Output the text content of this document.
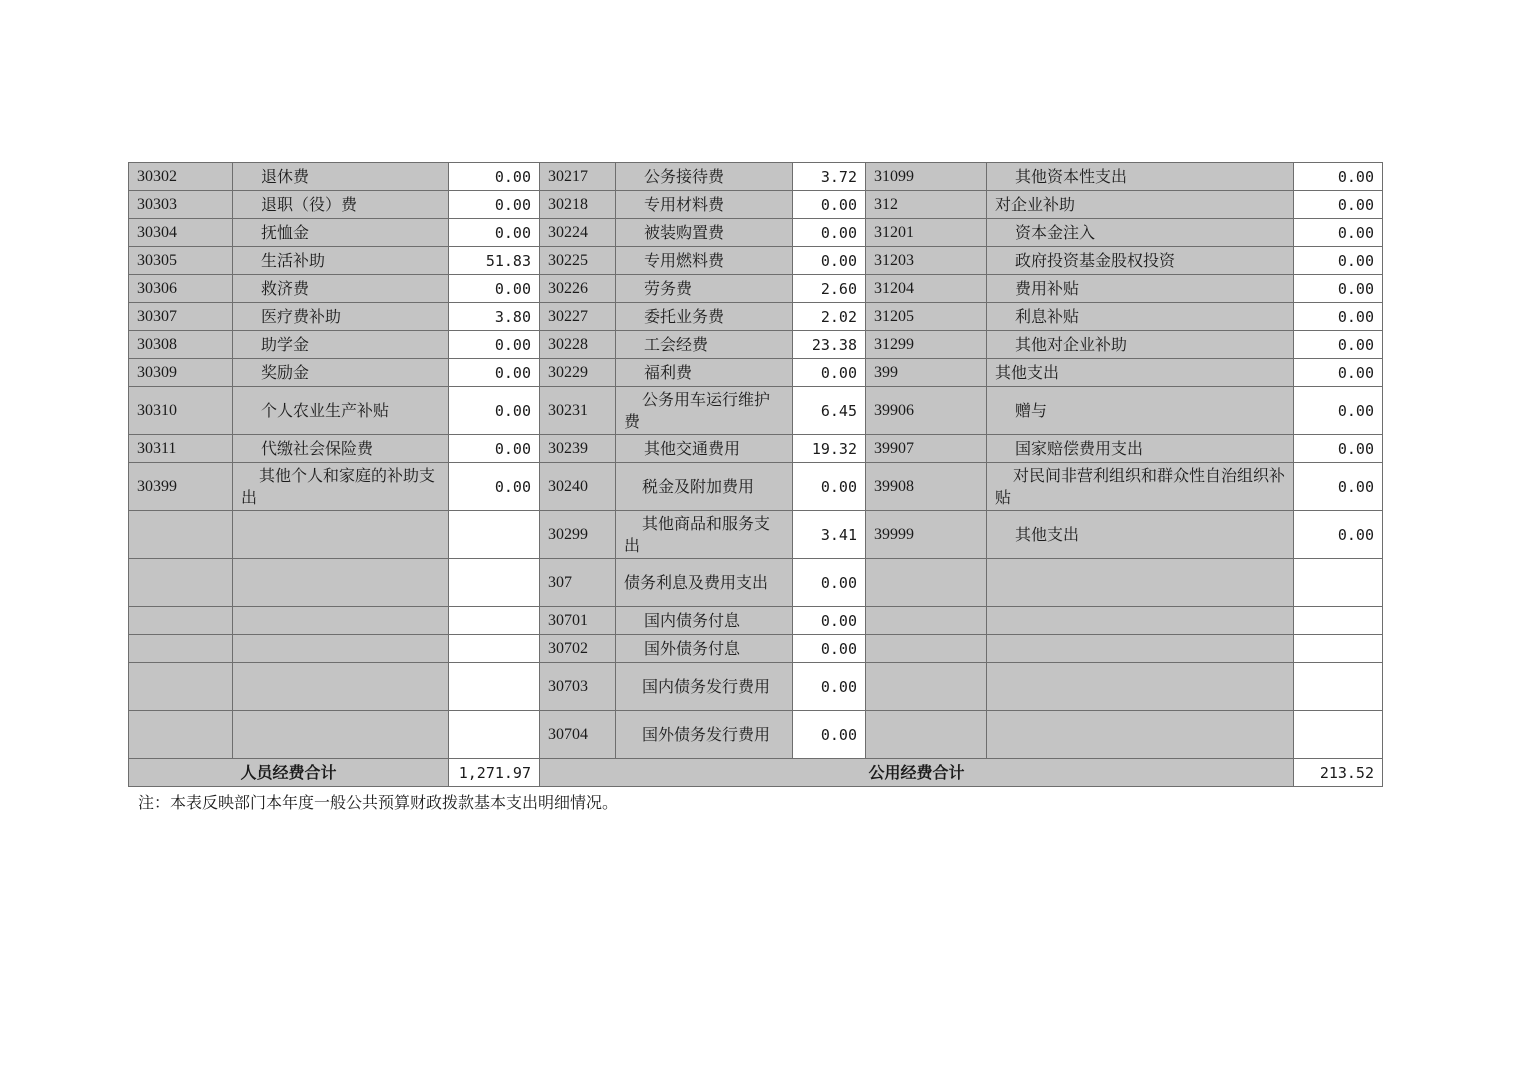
30302	退休费	0.00	30217	公务接待费	3.72	31099	其他资本性支出	0.00
30303	退职（役）费	0.00	30218	专用材料费	0.00	312	对企业补助	0.00
30304	抚恤金	0.00	30224	被装购置费	0.00	31201	资本金注入	0.00
30305	生活补助	51.83	30225	专用燃料费	0.00	31203	政府投资基金股权投资	0.00
30306	救济费	0.00	30226	劳务费	2.60	31204	费用补贴	0.00
30307	医疗费补助	3.80	30227	委托业务费	2.02	31205	利息补贴	0.00
30308	助学金	0.00	30228	工会经费	23.38	31299	其他对企业补助	0.00
30309	奖励金	0.00	30229	福利费	0.00	399	其他支出	0.00
30310	个人农业生产补贴	0.00	30231	公务用车运行维护费	6.45	39906	赠与	0.00
30311	代缴社会保险费	0.00	30239	其他交通费用	19.32	39907	国家赔偿费用支出	0.00
30399	其他个人和家庭的补助支出	0.00	30240	税金及附加费用	0.00	39908	对民间非营利组织和群众性自治组织补贴	0.00
			30299	其他商品和服务支出	3.41	39999	其他支出	0.00
			307	债务利息及费用支出	0.00			
			30701	国内债务付息	0.00			
			30702	国外债务付息	0.00			
			30703	国内债务发行费用	0.00			
			30704	国外债务发行费用	0.00			
人员经费合计		1,271.97	公用经费合计					213.52
注：本表反映部门本年度一般公共预算财政拨款基本支出明细情况。
